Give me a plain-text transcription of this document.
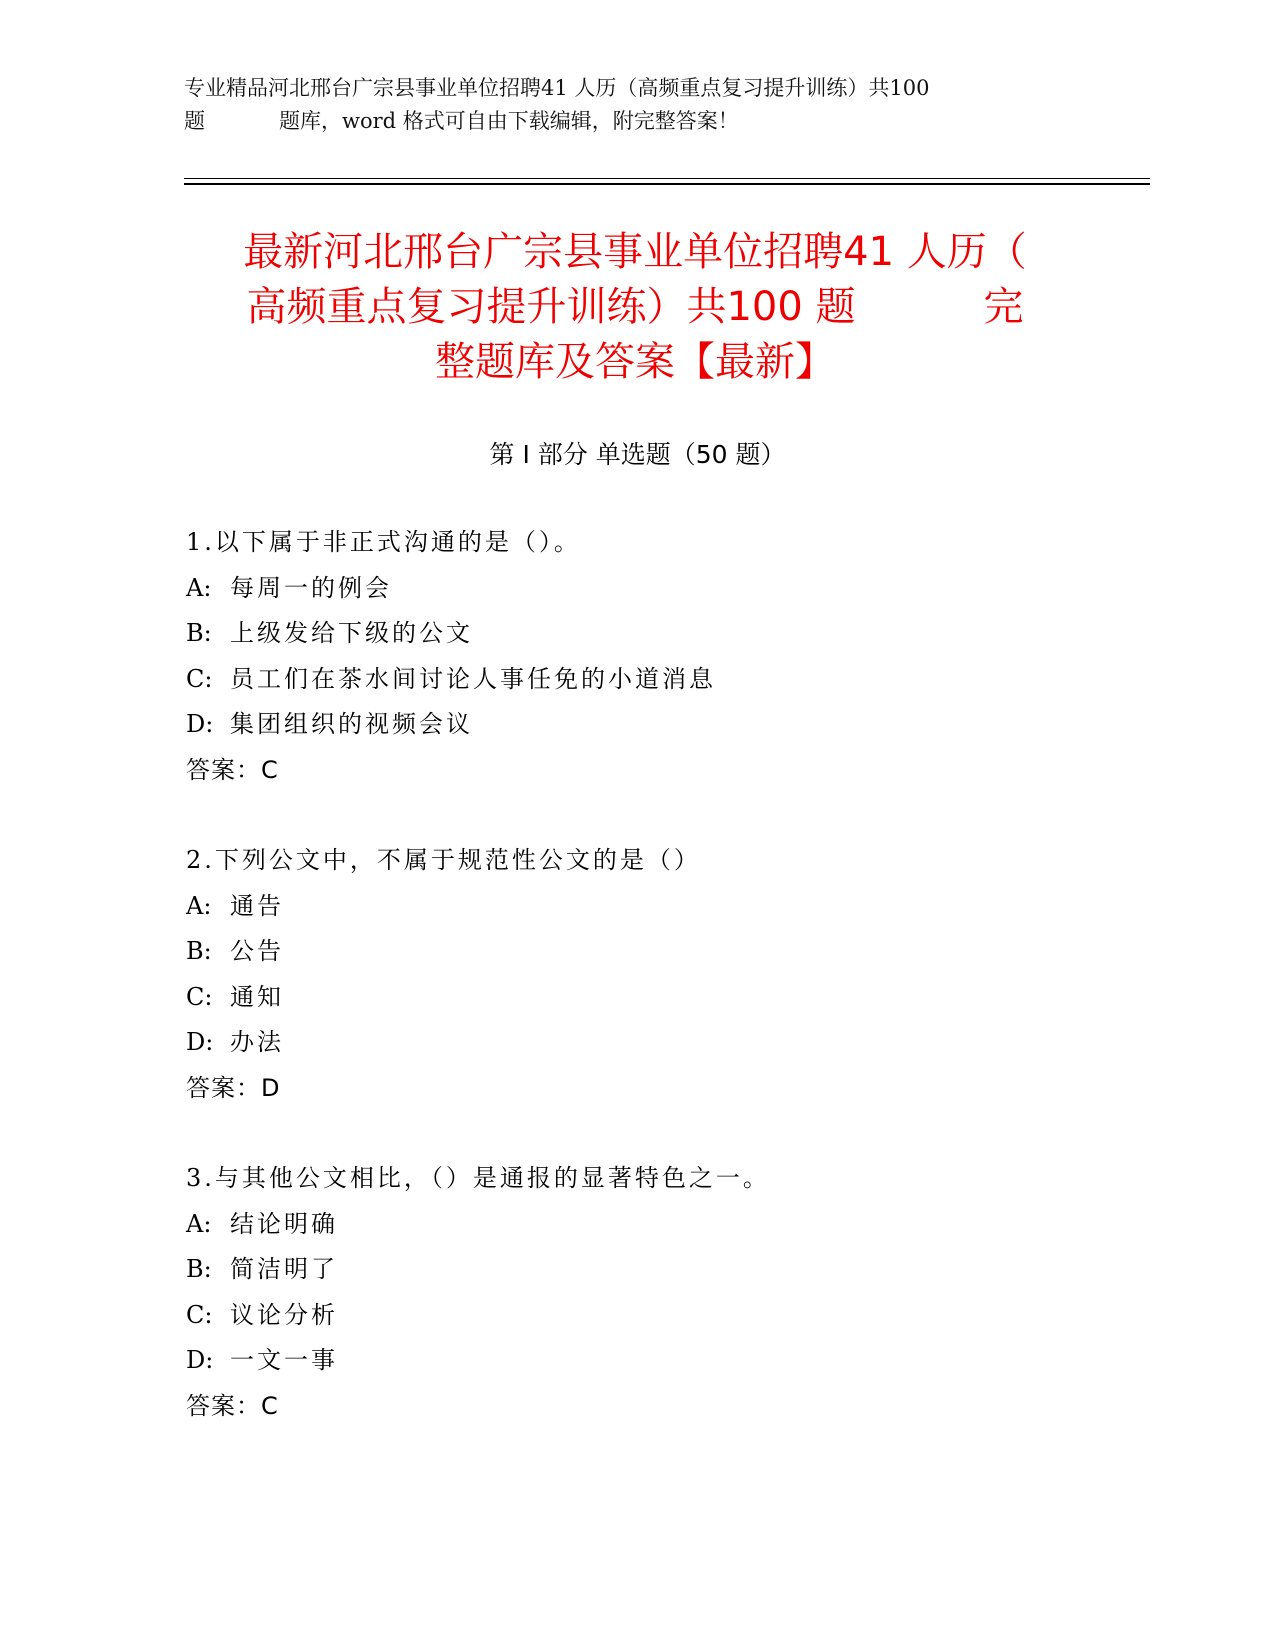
专业精品河北邢台广宗县事业单位招聘41 人历（高频重点复习提升训练）共100
题	题库，word 格式可自由下载编辑，附完整答案！
最新河北邢台广宗县事业单位招聘41 人历（
高频重点复习提升训练）共100 题	完
整题库及答案【最新】
第 I 部分 单选题（50 题）
1.以下属于非正式沟通的是（）。
A: 每周一的例会
B: 上级发给下级的公文
C: 员工们在茶水间讨论人事任免的小道消息
D: 集团组织的视频会议
答案：C
2.下列公文中，不属于规范性公文的是（）
A: 通告
B: 公告
C: 通知
D: 办法
答案：D
3.与其他公文相比，（）是通报的显著特色之一。
A: 结论明确
B: 简洁明了
C: 议论分析
D: 一文一事
答案：C
